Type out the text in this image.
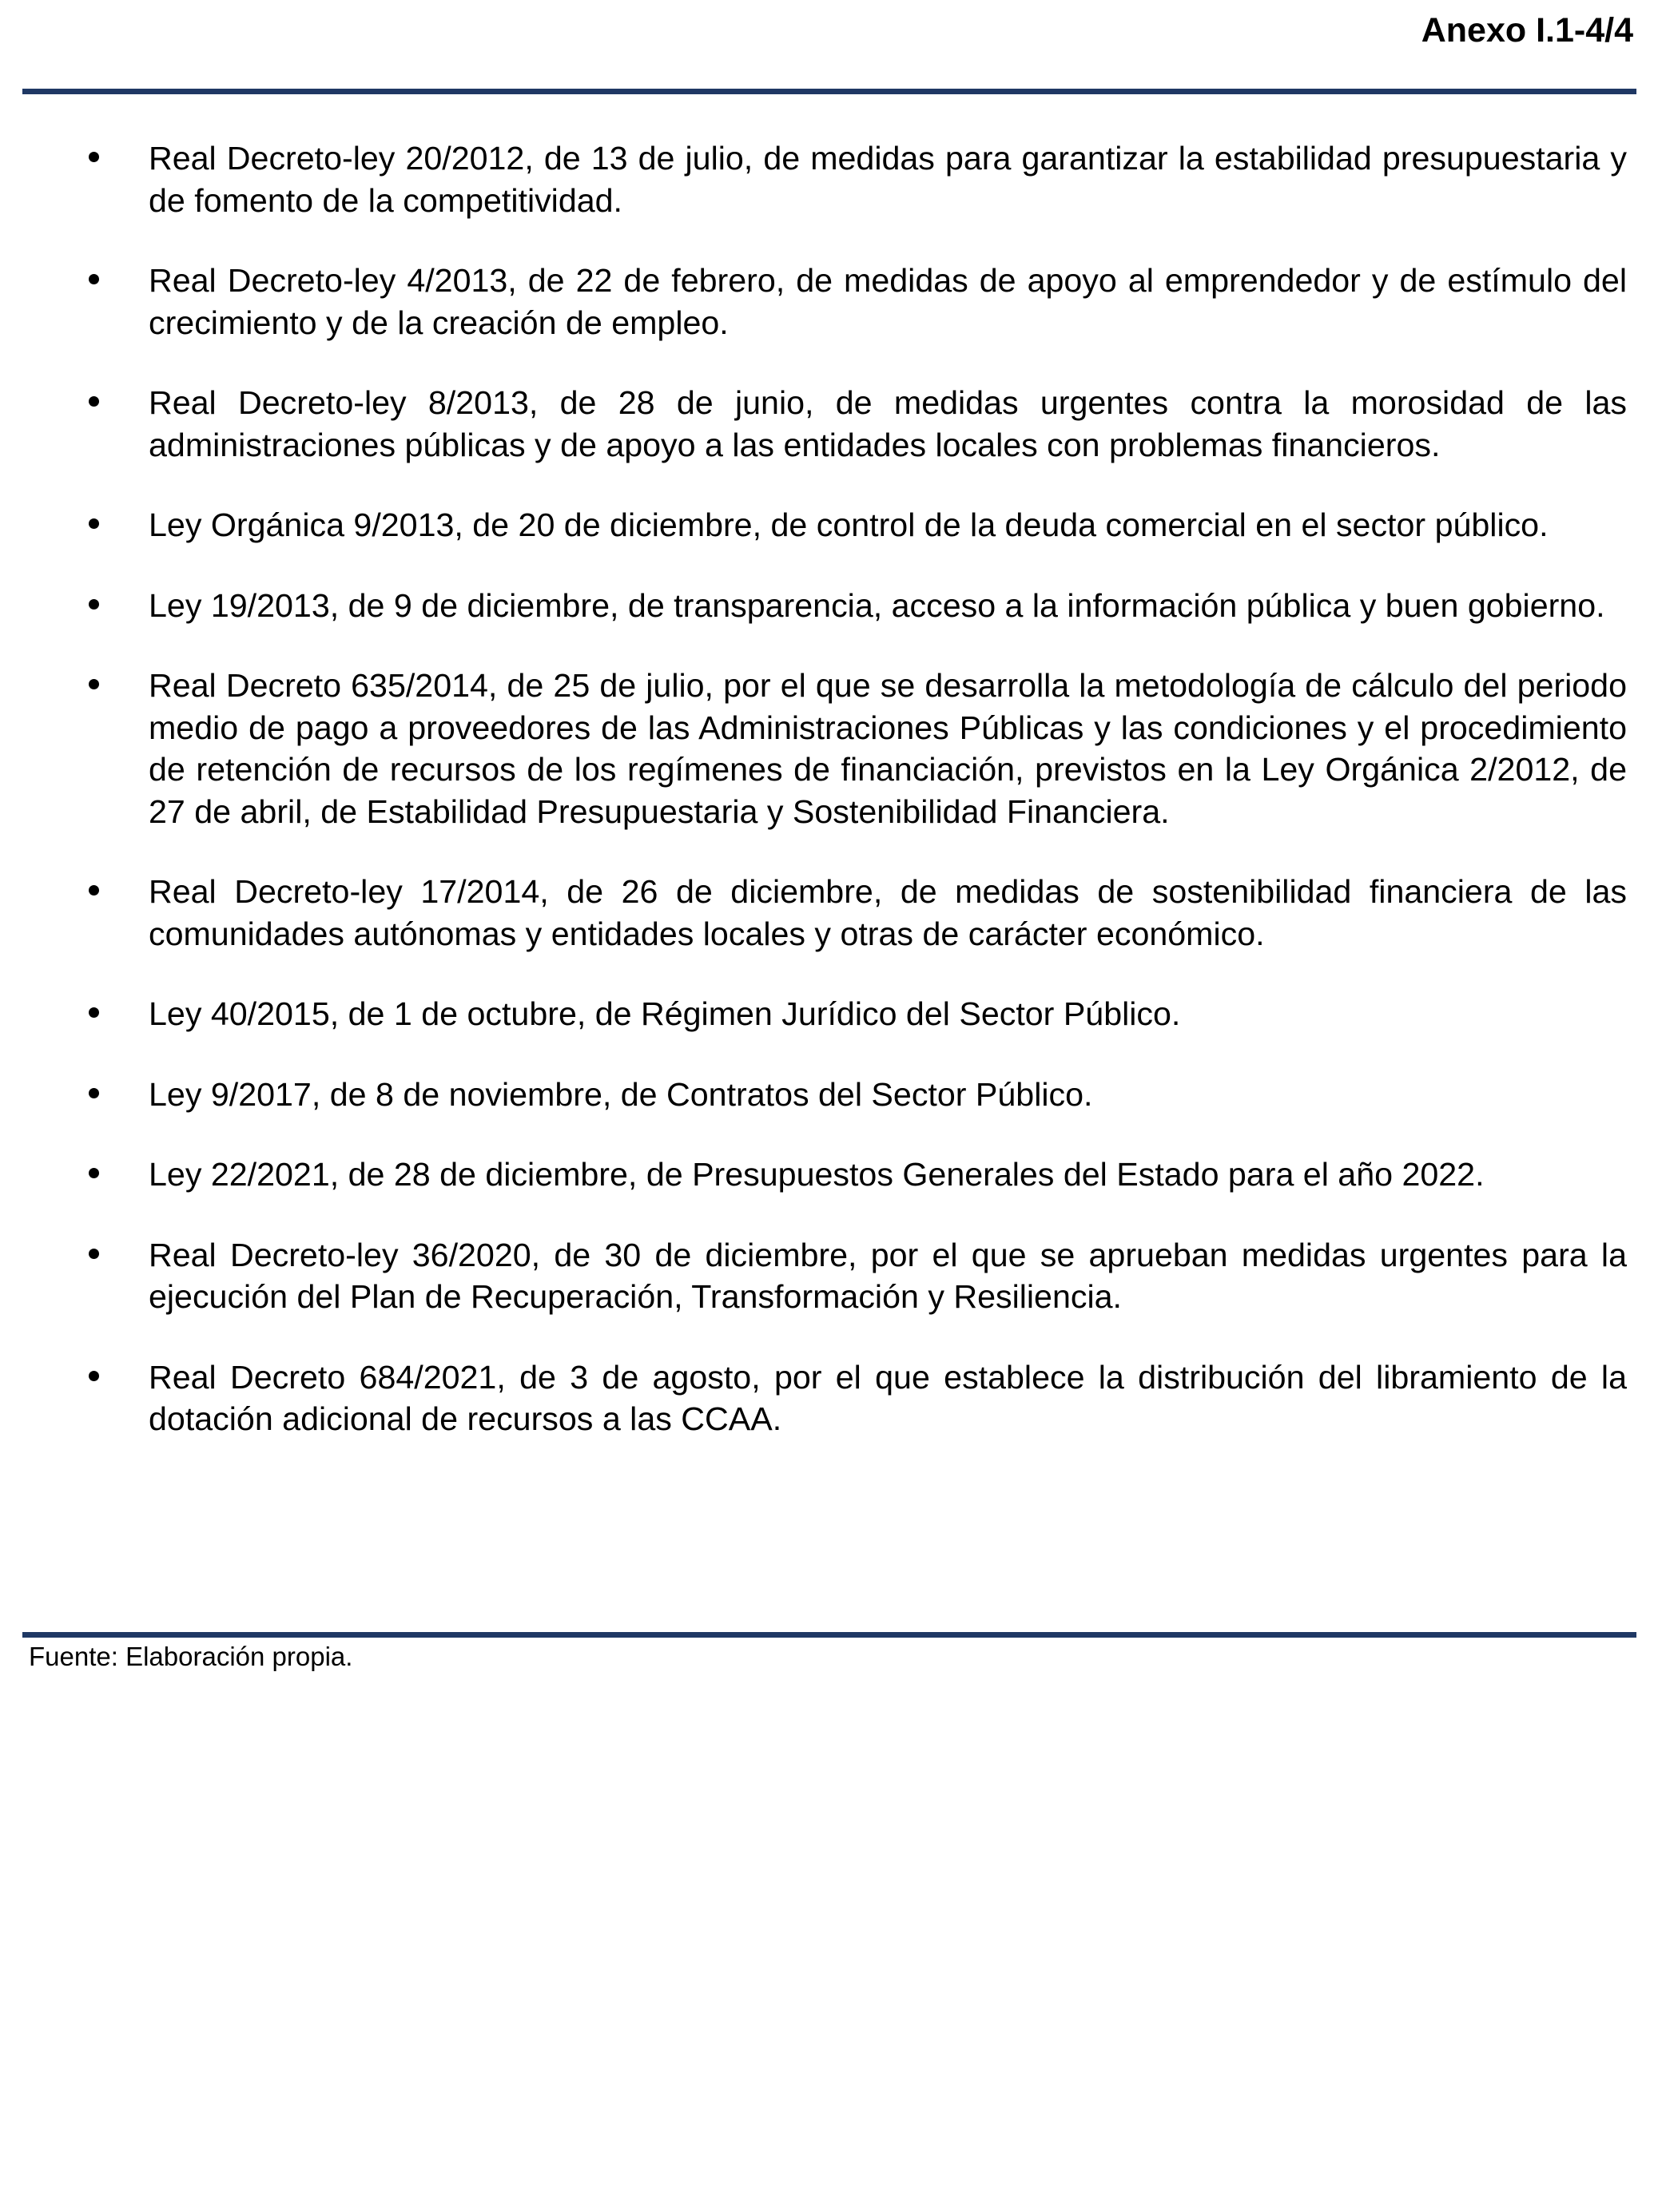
Anexo I.1-4/4
Real Decreto-ley 20/2012, de 13 de julio, de medidas para garantizar la estabilidad presupuestaria y de fomento de la competitividad.
Real Decreto-ley 4/2013, de 22 de febrero, de medidas de apoyo al emprendedor y de estímulo del crecimiento y de la creación de empleo.
Real Decreto-ley 8/2013, de 28 de junio, de medidas urgentes contra la morosidad de las administraciones públicas y de apoyo a las entidades locales con problemas financieros.
Ley Orgánica 9/2013, de 20 de diciembre, de control de la deuda comercial en el sector público.
Ley 19/2013, de 9 de diciembre, de transparencia, acceso a la información pública y buen gobierno.
Real Decreto 635/2014, de 25 de julio, por el que se desarrolla la metodología de cálculo del periodo medio de pago a proveedores de las Administraciones Públicas y las condiciones y el procedimiento de retención de recursos de los regímenes de financiación, previstos en la Ley Orgánica 2/2012, de 27 de abril, de Estabilidad Presupuestaria y Sostenibilidad Financiera.
Real Decreto-ley 17/2014, de 26 de diciembre, de medidas de sostenibilidad financiera de las comunidades autónomas y entidades locales y otras de carácter económico.
Ley 40/2015, de 1 de octubre, de Régimen Jurídico del Sector Público.
Ley 9/2017, de 8 de noviembre, de Contratos del Sector Público.
Ley 22/2021, de 28 de diciembre, de Presupuestos Generales del Estado para el año 2022.
Real Decreto-ley 36/2020, de 30 de diciembre, por el que se aprueban medidas urgentes para la ejecución del Plan de Recuperación, Transformación y Resiliencia.
Real Decreto 684/2021, de 3 de agosto, por el que establece la distribución del libramiento de la dotación adicional de recursos a las CCAA.
Fuente: Elaboración propia.
